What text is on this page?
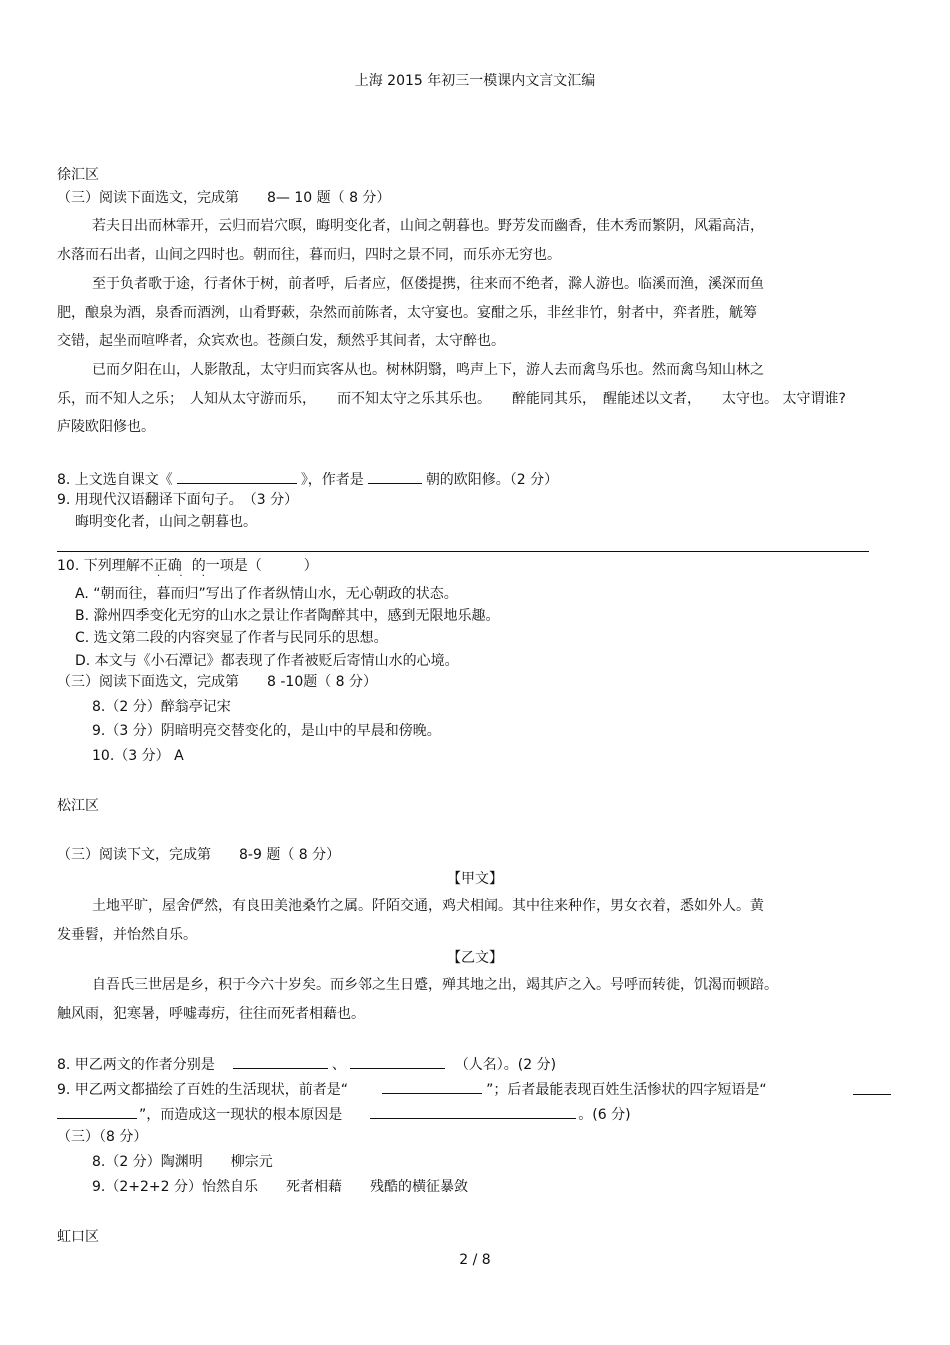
上海 2015 年初三一模课内文言文汇编
徐汇区
（三）阅读下面选文，完成第　　8— 10 题（ 8 分）
若夫日出而林霏开，云归而岩穴暝，晦明变化者，山间之朝暮也。野芳发而幽香，佳木秀而繁阴，风霜高洁，
水落而石出者，山间之四时也。朝而往，暮而归，四时之景不同，而乐亦无穷也。
至于负者歌于途，行者休于树，前者呼，后者应，伛偻提携，往来而不绝者，滁人游也。临溪而渔，溪深而鱼
肥，酿泉为酒，泉香而酒洌，山肴野蔌，杂然而前陈者，太守宴也。宴酣之乐，非丝非竹，射者中，弈者胜，觥筹
交错，起坐而喧哗者，众宾欢也。苍颜白发，颓然乎其间者，太守醉也。
已而夕阳在山，人影散乱，太守归而宾客从也。树林阴翳，鸣声上下，游人去而禽鸟乐也。然而禽鸟知山林之
乐，而不知人之乐；　人知从太守游而乐，　　而不知太守之乐其乐也。　　醉能同其乐，　醒能述以文者，　　太守也。 太守谓谁?
庐陵欧阳修也。
8. 上文选自课文《	》，作者是	朝的欧阳修。（2 分）
9. 用现代汉语翻译下面句子。　（3 分）
晦明变化者，山间之朝暮也。
10. 下列理解不正确 的一项是（　　　）
· · ·
A. “朝而往，暮而归”写出了作者纵情山水，无心朝政的状态。
B. 滁州四季变化无穷的山水之景让作者陶醉其中，感到无限地乐趣。
C. 选文第二段的内容突显了作者与民同乐的思想。
D. 本文与《小石潭记》都表现了作者被贬后寄情山水的心境。
（三）阅读下面选文，完成第　　8 -10题（ 8 分）
8.（2 分）醉翁亭记宋
9.（3 分）阴暗明亮交替变化的，是山中的早晨和傍晚。
10.（3 分） A
松江区
（三）阅读下文，完成第　　8-9 题（ 8 分）
【甲文】
土地平旷，屋舍俨然，有良田美池桑竹之属。阡陌交通，鸡犬相闻。其中往来种作，男女衣着，悉如外人。黄
发垂髫，并怡然自乐。
【乙文】
自吾氏三世居是乡，积于今六十岁矣。而乡邻之生日蹙，殚其地之出，竭其庐之入。号呼而转徙，饥渴而顿踣。
触风雨，犯寒暑，呼嘘毒疠，往往而死者相藉也。
8. 甲乙两文的作者分别是	、	（人名）。(2 分)
9. 甲乙两文都描绘了百姓的生活现状，前者是“	”；后者最能表现百姓生活惨状的四字短语是“
”，而造成这一现状的根本原因是	。(6 分)
（三）（8 分）
8.（2 分）陶渊明　　柳宗元
9.（2+2+2 分）怡然自乐　　死者相藉　　残酷的横征暴敛
虹口区
2 / 8
